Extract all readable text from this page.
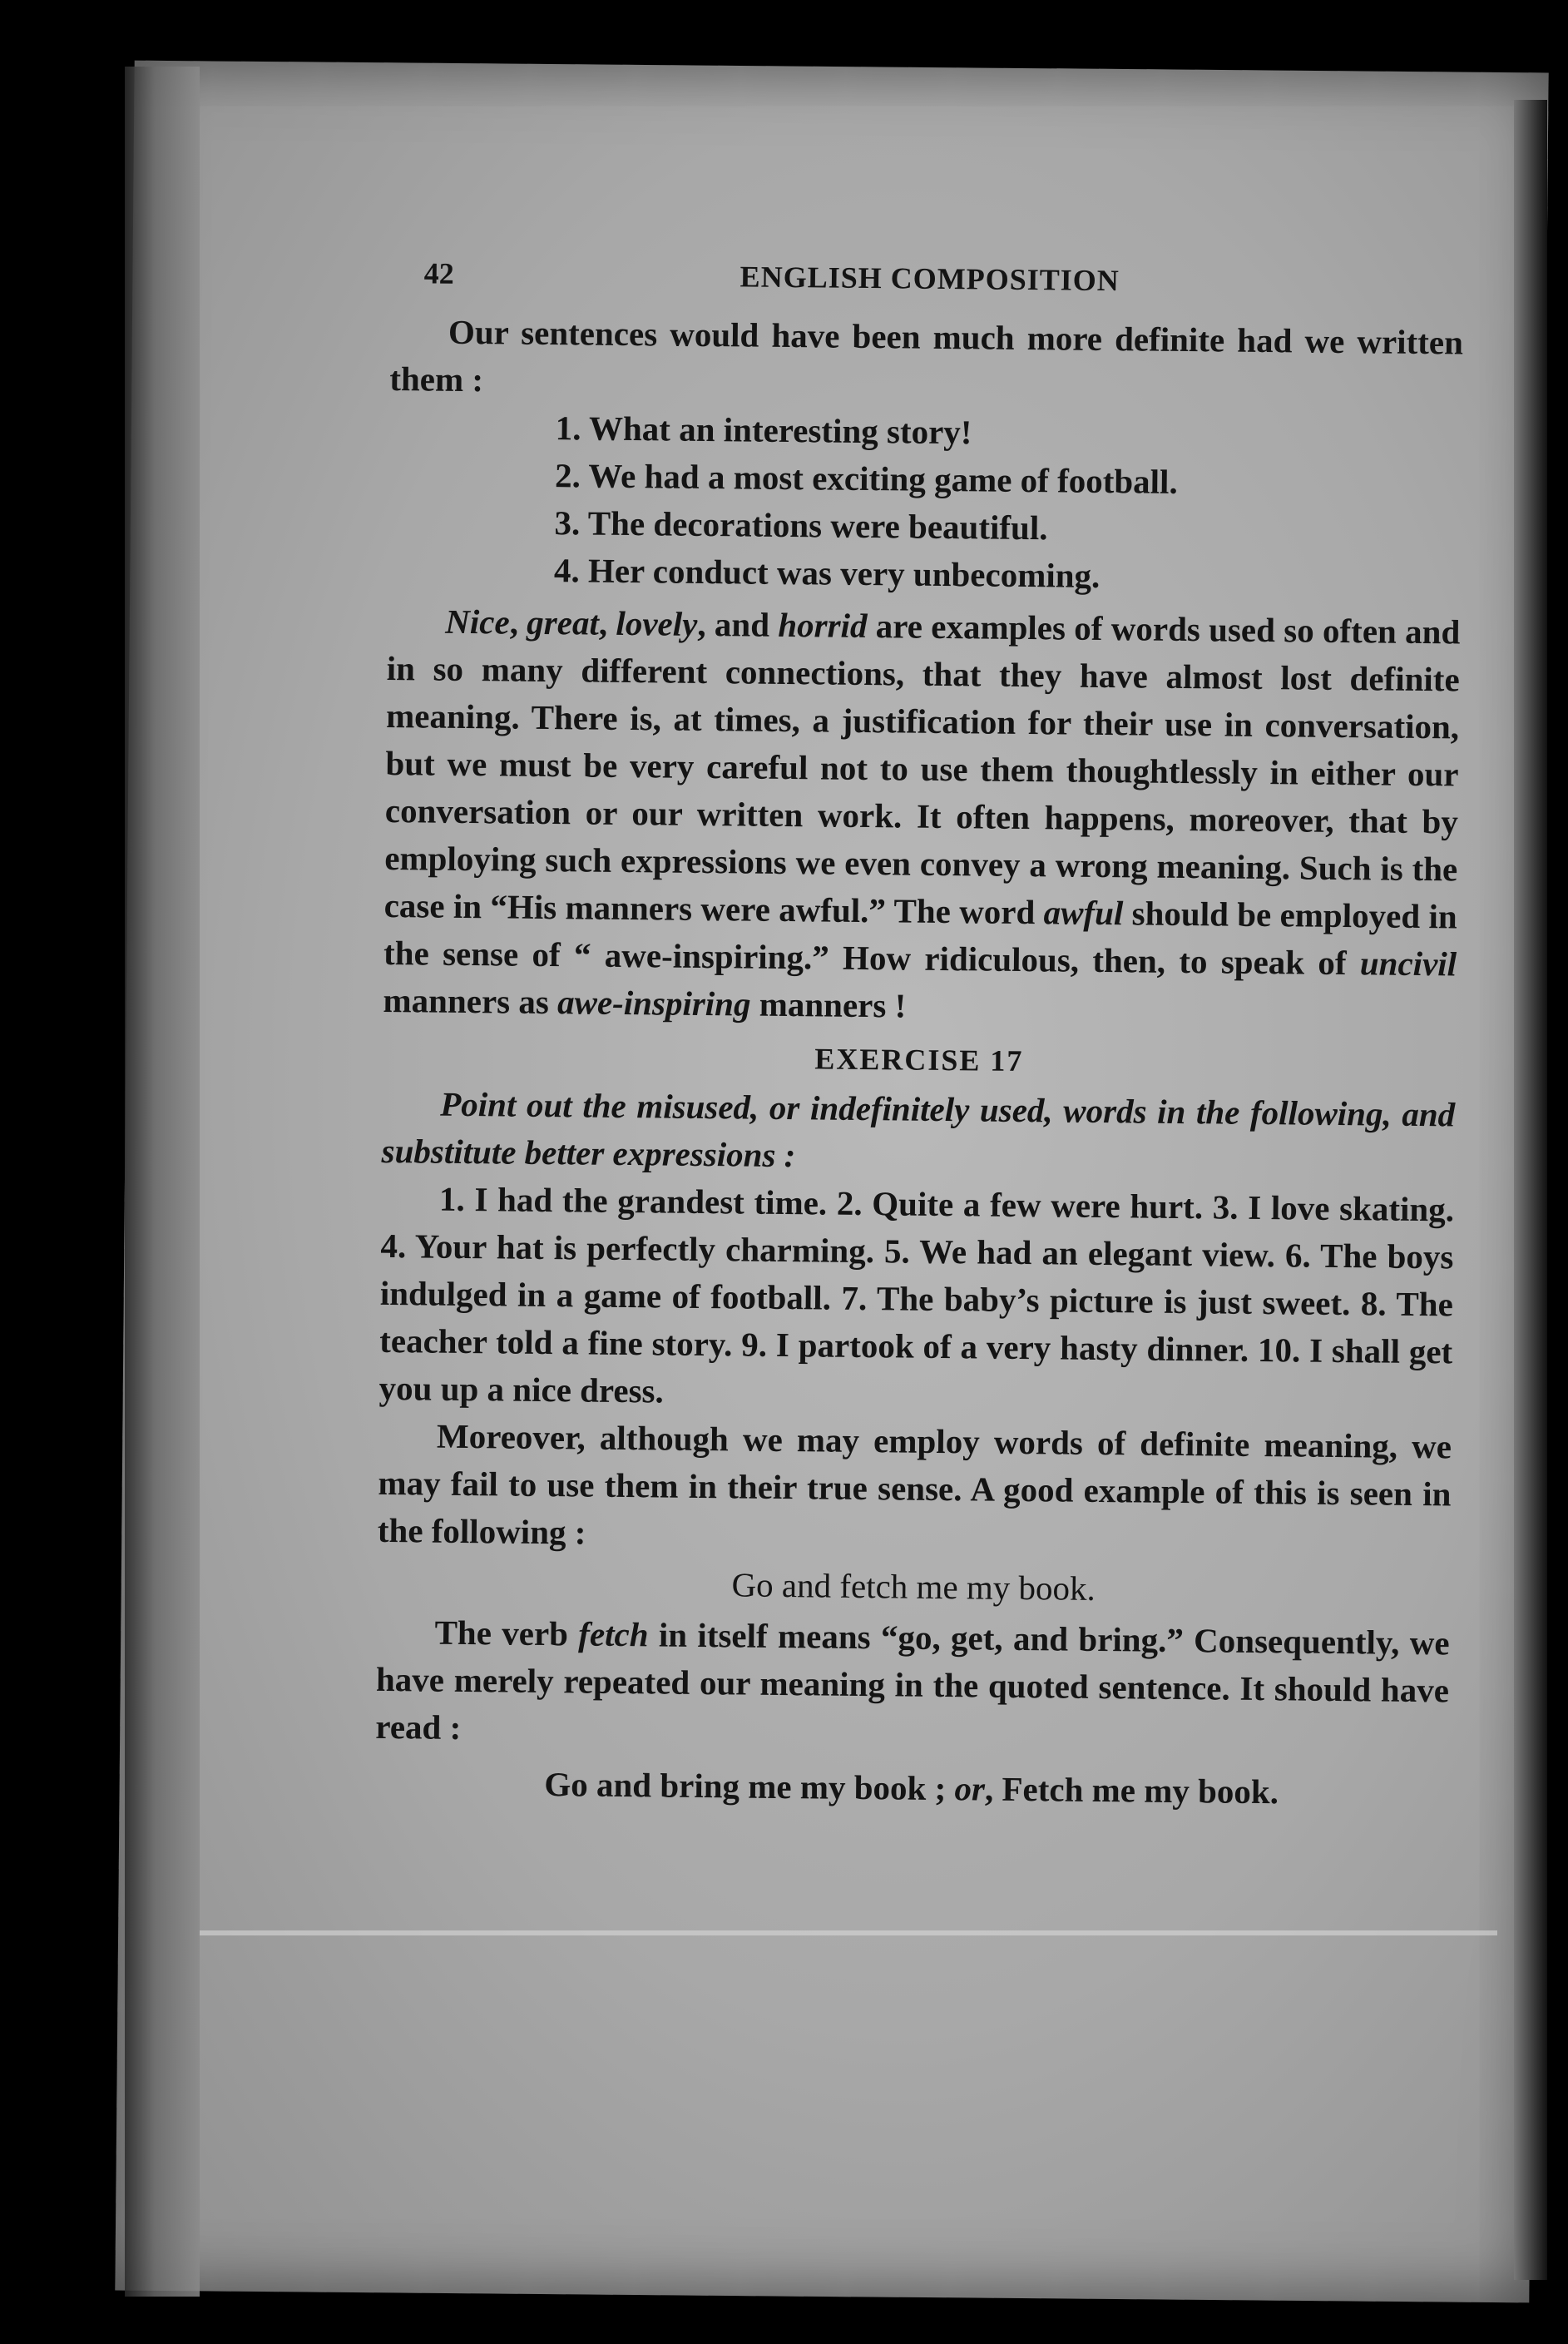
42	ENGLISH COMPOSITION

Our sentences would have been much more definite had we written them :

1. What an interesting story!
2. We had a most exciting game of football.
3. The decorations were beautiful.
4. Her conduct was very unbecoming.

Nice, great, lovely, and horrid are examples of words used so often and in so many different connections, that they have almost lost definite meaning. There is, at times, a justification for their use in conversation, but we must be very careful not to use them thoughtlessly in either our conversation or our written work. It often happens, moreover, that by employing such expressions we even convey a wrong meaning. Such is the case in “His manners were awful.” The word awful should be employed in the sense of “ awe-inspiring.” How ridiculous, then, to speak of uncivil manners as awe-inspiring manners !

EXERCISE 17

Point out the misused, or indefinitely used, words in the following, and substitute better expressions :

1. I had the grandest time. 2. Quite a few were hurt. 3. I love skating. 4. Your hat is perfectly charming. 5. We had an elegant view. 6. The boys indulged in a game of football. 7. The baby’s picture is just sweet. 8. The teacher told a fine story. 9. I partook of a very hasty dinner. 10. I shall get you up a nice dress.

Moreover, although we may employ words of definite meaning, we may fail to use them in their true sense. A good example of this is seen in the following :

Go and fetch me my book.

The verb fetch in itself means “go, get, and bring.” Consequently, we have merely repeated our meaning in the quoted sentence. It should have read :

Go and bring me my book ; or, Fetch me my book.
